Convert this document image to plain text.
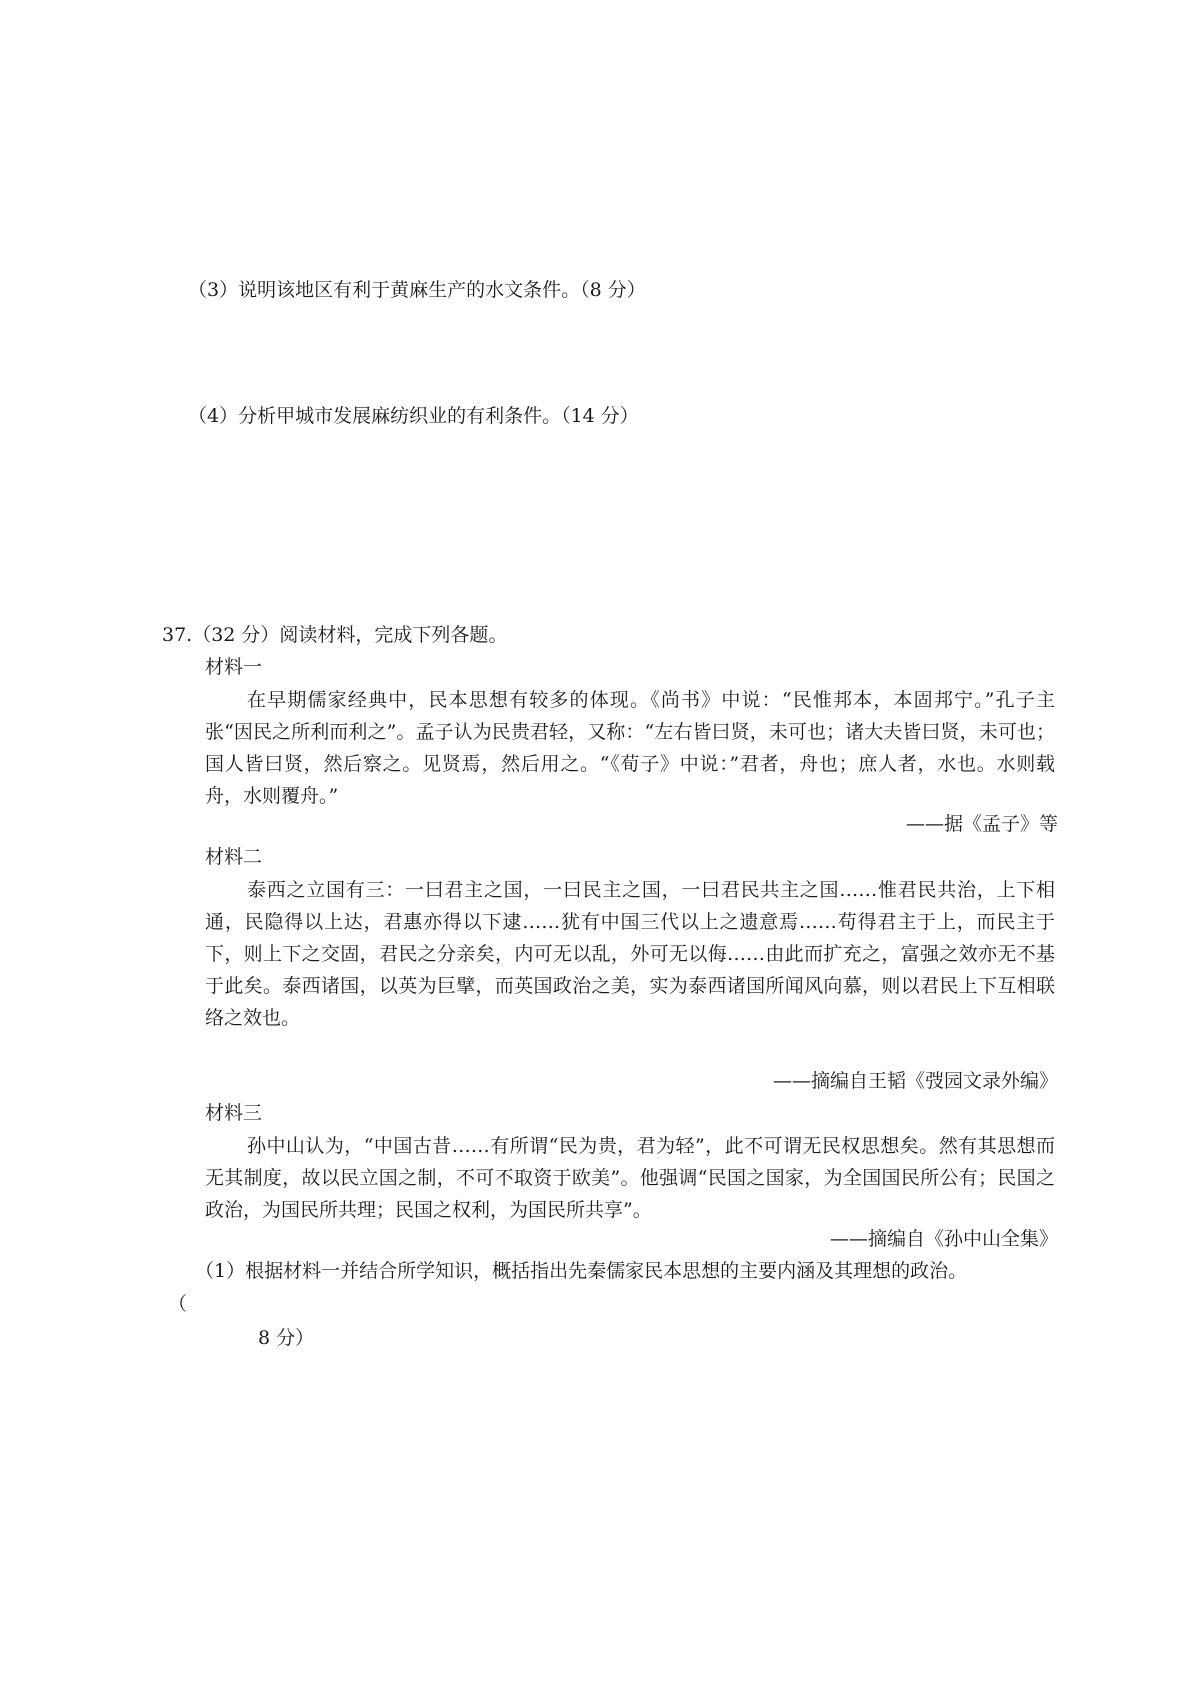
（3）说明该地区有利于黄麻生产的水文条件。（8 分）
（4）分析甲城市发展麻纺织业的有利条件。（14 分）
37.（32 分）阅读材料，完成下列各题。
材料一

在早期儒家经典中，民本思想有较多的体现。《尚书》中说：“民惟邦本，本固邦宁。”孔子主张“因民之所利而利之”。孟子认为民贵君轻，又称：“左右皆曰贤，未可也；诸大夫皆曰贤，未可也；国人皆曰贤，然后察之。见贤焉，然后用之。“《荀子》中说：”君者，舟也；庶人者，水也。水则载舟，水则覆舟。”

——据《孟子》等
材料二

泰西之立国有三：一曰君主之国，一曰民主之国，一曰君民共主之国……惟君民共治，上下相通，民隐得以上达，君惠亦得以下逮……犹有中国三代以上之遗意焉……苟得君主于上，而民主于下，则上下之交固，君民之分亲矣，内可无以乱，外可无以侮……由此而扩充之，富强之效亦无不基于此矣。泰西诸国，以英为巨擘，而英国政治之美，实为泰西诸国所闻风向慕，则以君民上下互相联络之效也。

——摘编自王韬《弢园文录外编》
材料三

孙中山认为，“中国古昔……有所谓“民为贵，君为轻”，此不可谓无民权思想矣。然有其思想而无其制度，故以民立国之制，不可不取资于欧美”。他强调“民国之国家，为全国国民所公有；民国之政治，为国民所共理；民国之权利，为国民所共享”。

——摘编自《孙中山全集》
（1）根据材料一并结合所学知识，概括指出先秦儒家民本思想的主要内涵及其理想的政治。
（
8 分）
